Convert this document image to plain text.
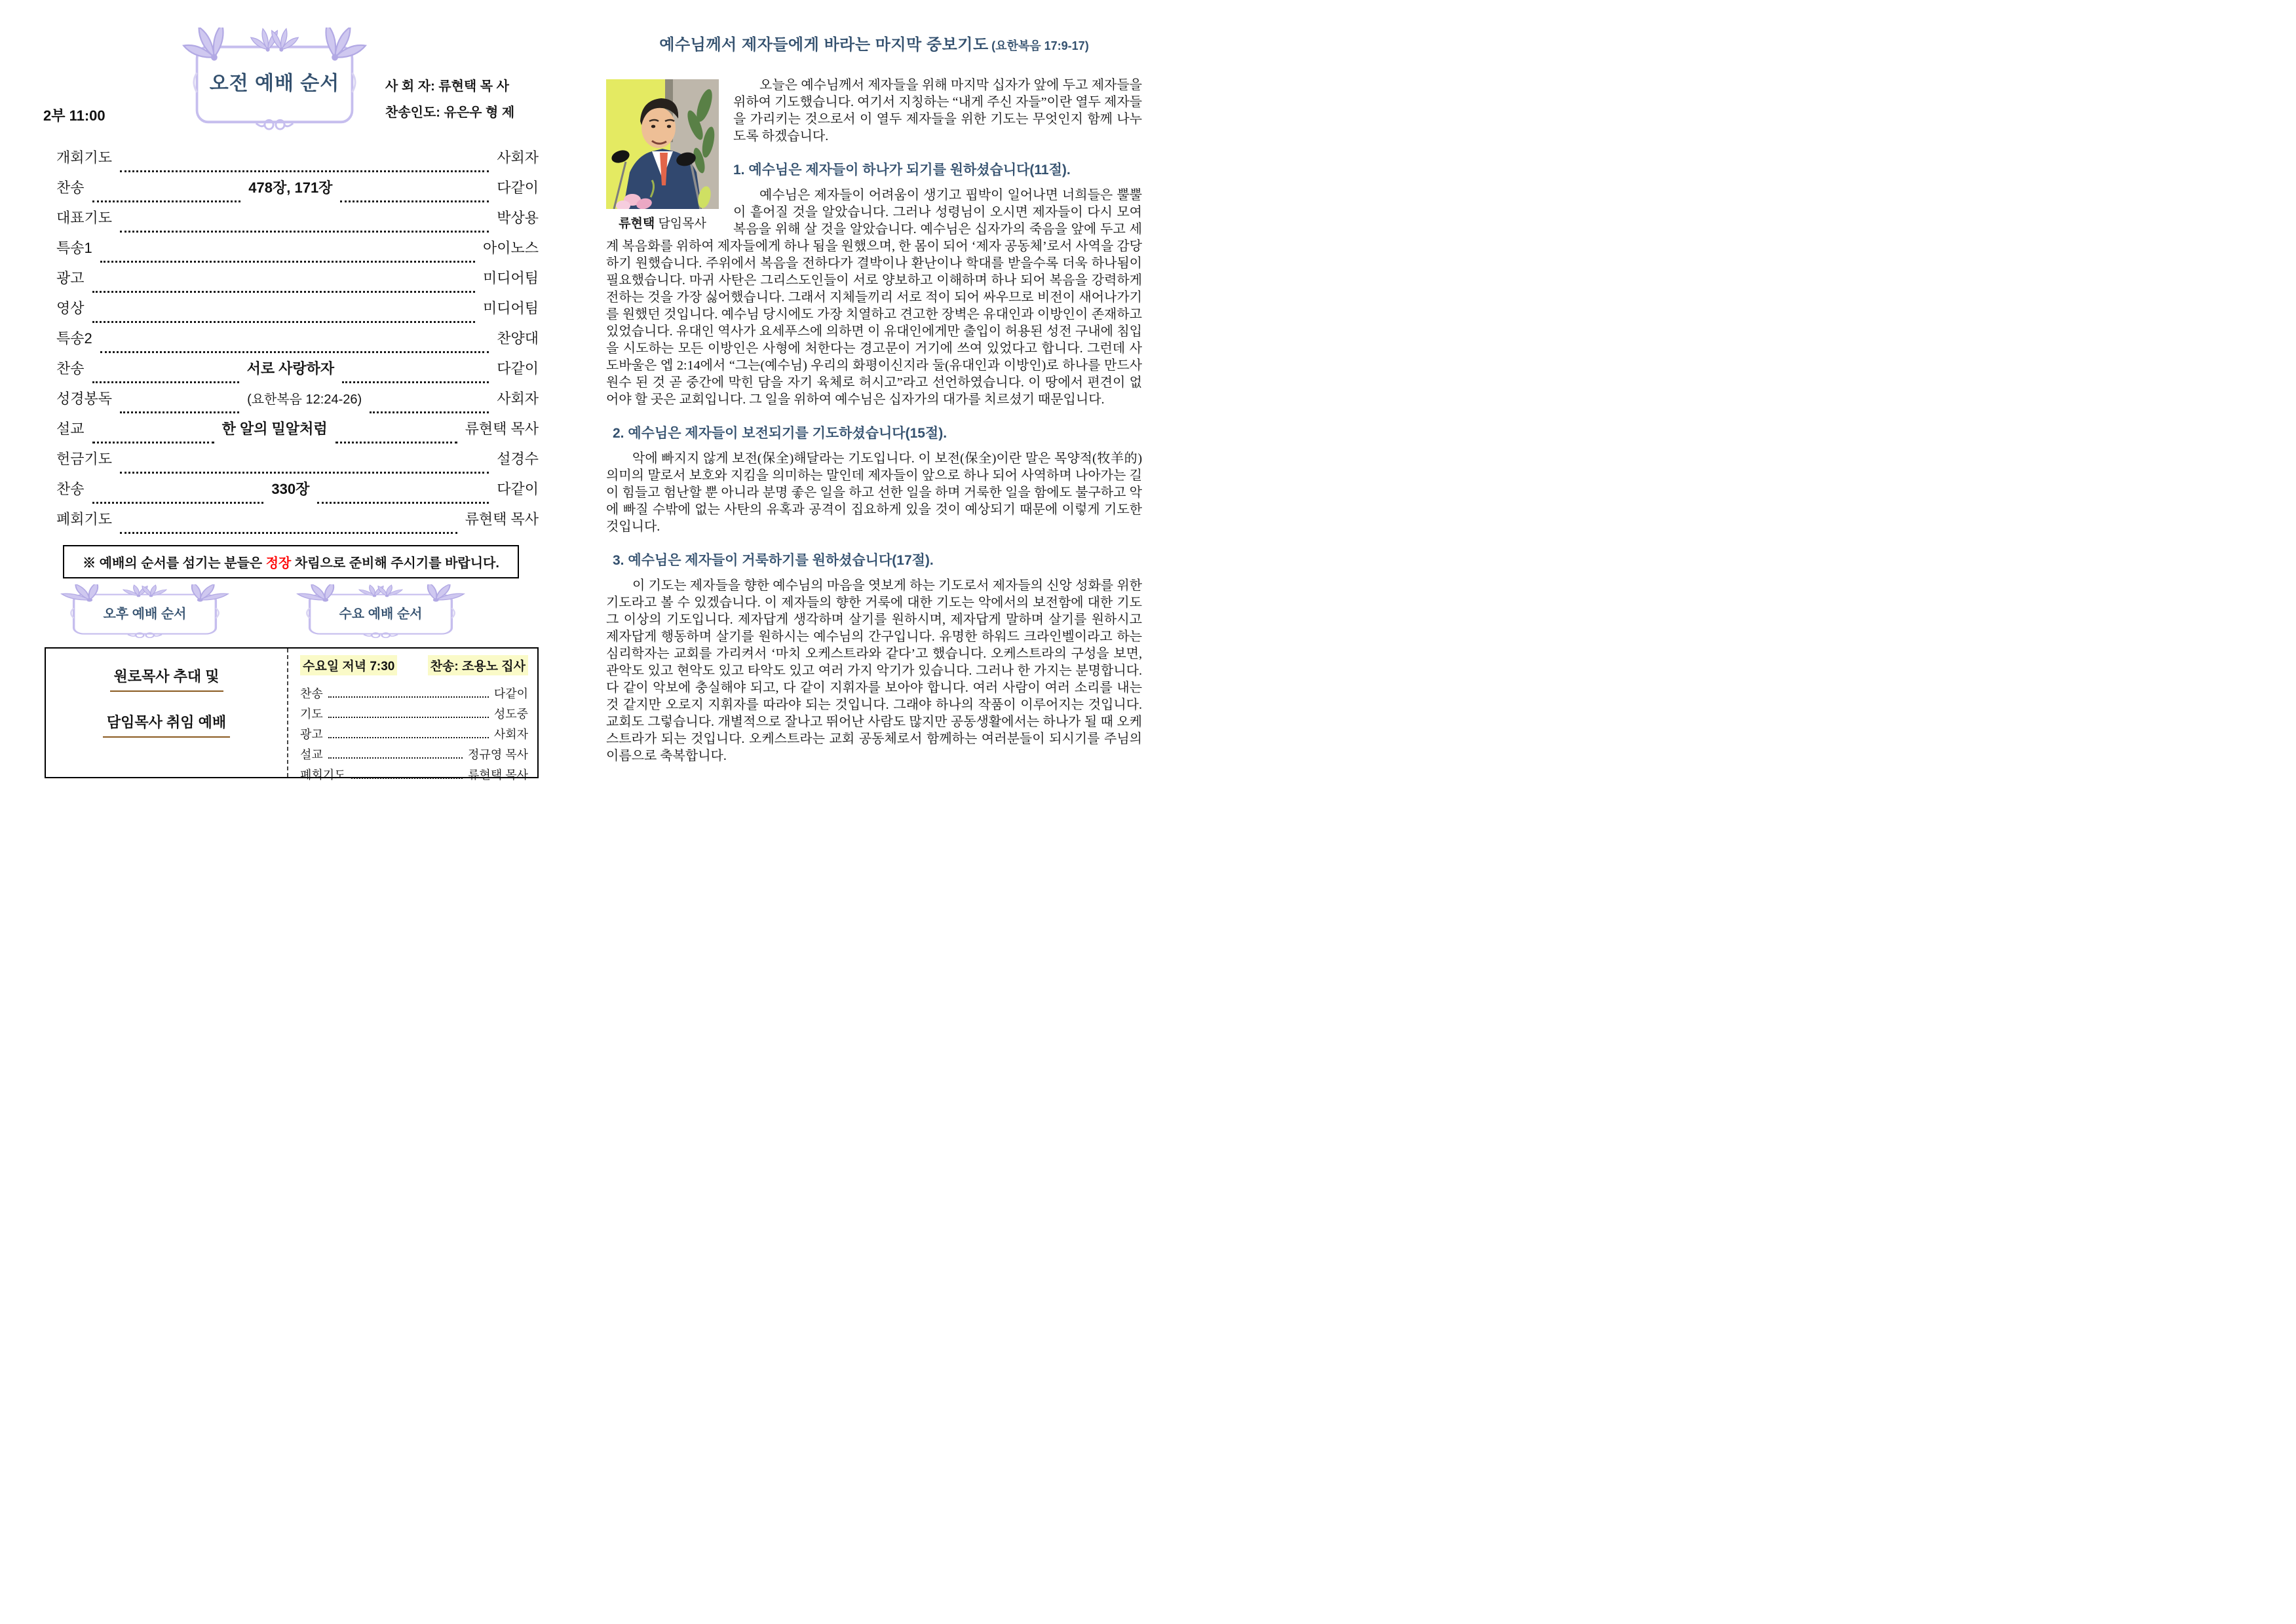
오전 예배 순서	사 회 자: 류현택 목 사
찬송인도: 유은우 형 제
2부 11:00
개회기도	사회자
찬송	478장, 171장	다같이
대표기도	박상용
특송1	아이노스
광고	미디어팀
영상	미디어팀
특송2	찬양대
찬송	서로 사랑하자	다같이
성경봉독	(요한복음 12:24-26)	사회자
설교	한 알의 밀알처럼	류현택 목사
헌금기도	설경수
찬송	330장	다같이
폐회기도	류현택 목사
※ 예배의 순서를 섬기는 분들은 정장 차림으로 준비해 주시기를 바랍니다.
오후 예배 순서	수요 예배 순서
원로목사 추대 및
담임목사 취임 예배
수요일 저녁 7:30	찬송: 조용노 집사
찬송	다같이
기도	성도중
광고	사회자
설교	정규영 목사
폐회기도	류현택 목사
예수님께서 제자들에게 바라는 마지막 중보기도 (요한복음 17:9-17)
류현택 담임목사

오늘은 예수님께서 제자들을 위해 마지막 십자가 앞에 두고 제자들을 위하여 기도했습니다. 여기서 지칭하는 “내게 주신 자들”이란 열두 제자들을 가리키는 것으로서 이 열두 제자들을 위한 기도는 무엇인지 함께 나누도록 하겠습니다.

1. 예수님은 제자들이 하나가 되기를 원하셨습니다(11절).

예수님은 제자들이 어려움이 생기고 핍박이 일어나면 너희들은 뿔뿔이 흩어질 것을 알았습니다. 그러나 성령님이 오시면 제자들이 다시 모여 복음을 위해 살 것을 알았습니다. 예수님은 십자가의 죽음을 앞에 두고 세계 복음화를 위하여 제자들에게 하나 됨을 원했으며, 한 몸이 되어 ‘제자 공동체’로서 사역을 감당하기 원했습니다. 주위에서 복음을 전하다가 결박이나 환난이나 학대를 받을수록 더욱 하나됨이 필요했습니다. 마귀 사탄은 그리스도인들이 서로 양보하고 이해하며 하나 되어 복음을 강력하게 전하는 것을 가장 싫어했습니다. 그래서 지체들끼리 서로 적이 되어 싸우므로 비전이 새어나가기를 원했던 것입니다. 예수님 당시에도 가장 치열하고 견고한 장벽은 유대인과 이방인이 존재하고 있었습니다. 유대인 역사가 요세푸스에 의하면 이 유대인에게만 출입이 허용된 성전 구내에 침입을 시도하는 모든 이방인은 사형에 처한다는 경고문이 거기에 쓰여 있었다고 합니다. 그런데 사도바울은 엡 2:14에서 “그는(예수님) 우리의 화평이신지라 둘(유대인과 이방인)로 하나를 만드사 원수 된 것 곧 중간에 막힌 담을 자기 육체로 허시고”라고 선언하였습니다. 이 땅에서 편견이 없어야 할 곳은 교회입니다. 그 일을 위하여 예수님은 십자가의 대가를 치르셨기 때문입니다.

2. 예수님은 제자들이 보전되기를 기도하셨습니다(15절).

악에 빠지지 않게 보전(保全)해달라는 기도입니다. 이 보전(保全)이란 말은 목양적(牧羊的) 의미의 말로서 보호와 지킴을 의미하는 말인데 제자들이 앞으로 하나 되어 사역하며 나아가는 길이 힘들고 험난할 뿐 아니라 분명 좋은 일을 하고 선한 일을 하며 거룩한 일을 함에도 불구하고 악에 빠질 수밖에 없는 사탄의 유혹과 공격이 집요하게 있을 것이 예상되기 때문에 이렇게 기도한 것입니다.

3. 예수님은 제자들이 거룩하기를 원하셨습니다(17절).

이 기도는 제자들을 향한 예수님의 마음을 엿보게 하는 기도로서 제자들의 신앙 성화를 위한 기도라고 볼 수 있겠습니다. 이 제자들의 향한 거룩에 대한 기도는 악에서의 보전함에 대한 기도 그 이상의 기도입니다. 제자답게 생각하며 살기를 원하시며, 제자답게 말하며 살기를 원하시고 제자답게 행동하며 살기를 원하시는 예수님의 간구입니다. 유명한 하워드 크라인벨이라고 하는 심리학자는 교회를 가리켜서 ‘마치 오케스트라와 같다’고 했습니다. 오케스트라의 구성을 보면, 관악도 있고 현악도 있고 타악도 있고 여러 가지 악기가 있습니다. 그러나 한 가지는 분명합니다. 다 같이 악보에 충실해야 되고, 다 같이 지휘자를 보아야 합니다. 여러 사람이 여러 소리를 내는 것 같지만 오로지 지휘자를 따라야 되는 것입니다. 그래야 하나의 작품이 이루어지는 것입니다. 교회도 그렇습니다. 개별적으로 잘나고 뛰어난 사람도 많지만 공동생활에서는 하나가 될 때 오케스트라가 되는 것입니다. 오케스트라는 교회 공동체로서 함께하는 여러분들이 되시기를 주님의 이름으로 축복합니다.
